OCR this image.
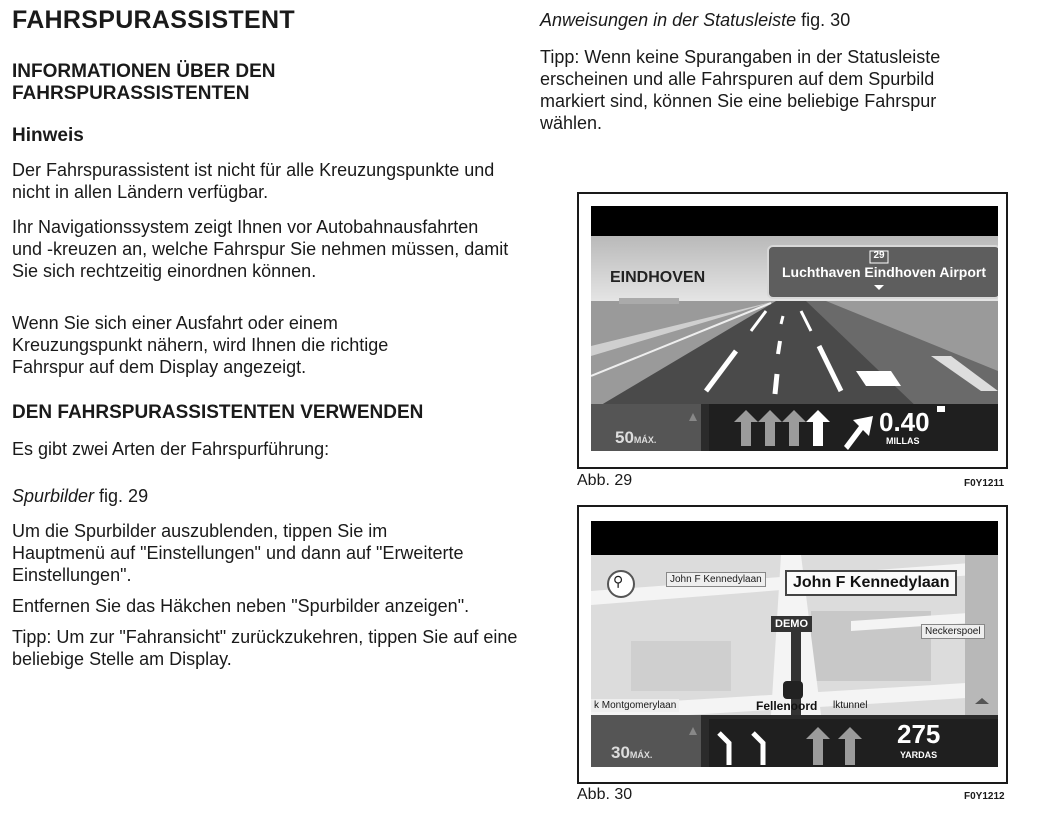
FAHRSPURASSISTENT
INFORMATIONEN ÜBER DEN FAHRSPURASSISTENTEN
Hinweis
Der Fahrspurassistent ist nicht für alle Kreuzungspunkte und nicht in allen Ländern verfügbar.
Ihr Navigationssystem zeigt Ihnen vor Autobahnausfahrten und -kreuzen an, welche Fahrspur Sie nehmen müssen, damit Sie sich rechtzeitig einordnen können.
Wenn Sie sich einer Ausfahrt oder einem Kreuzungspunkt nähern, wird Ihnen die richtige Fahrspur auf dem Display angezeigt.
DEN FAHRSPURASSISTENTEN VERWENDEN
Es gibt zwei Arten der Fahrspurführung:
Spurbilder fig. 29
Um die Spurbilder auszublenden, tippen Sie im Hauptmenü auf "Einstellungen" und dann auf "Erweiterte Einstellungen".
Entfernen Sie das Häkchen neben "Spurbilder anzeigen".
Tipp: Um zur "Fahransicht" zurückzukehren, tippen Sie auf eine beliebige Stelle am Display.
Anweisungen in der Statusleiste fig. 30
Tipp: Wenn keine Spurangaben in der Statusleiste erscheinen und alle Fahrspuren auf dem Spurbild markiert sind, können Sie eine beliebige Fahrspur wählen.
EINDHOVEN
29
Luchthaven Eindhoven Airport
50MÁX.
0.40
MILLAS
Abb. 29	F0Y1211
⚲	John F Kennedylaan	John F Kennedylaan
DEMO
Neckerspoel
k Montgomerylaan	Fellenoord lktunnel
30MÁX.
275
YARDAS
Abb. 30	F0Y1212
